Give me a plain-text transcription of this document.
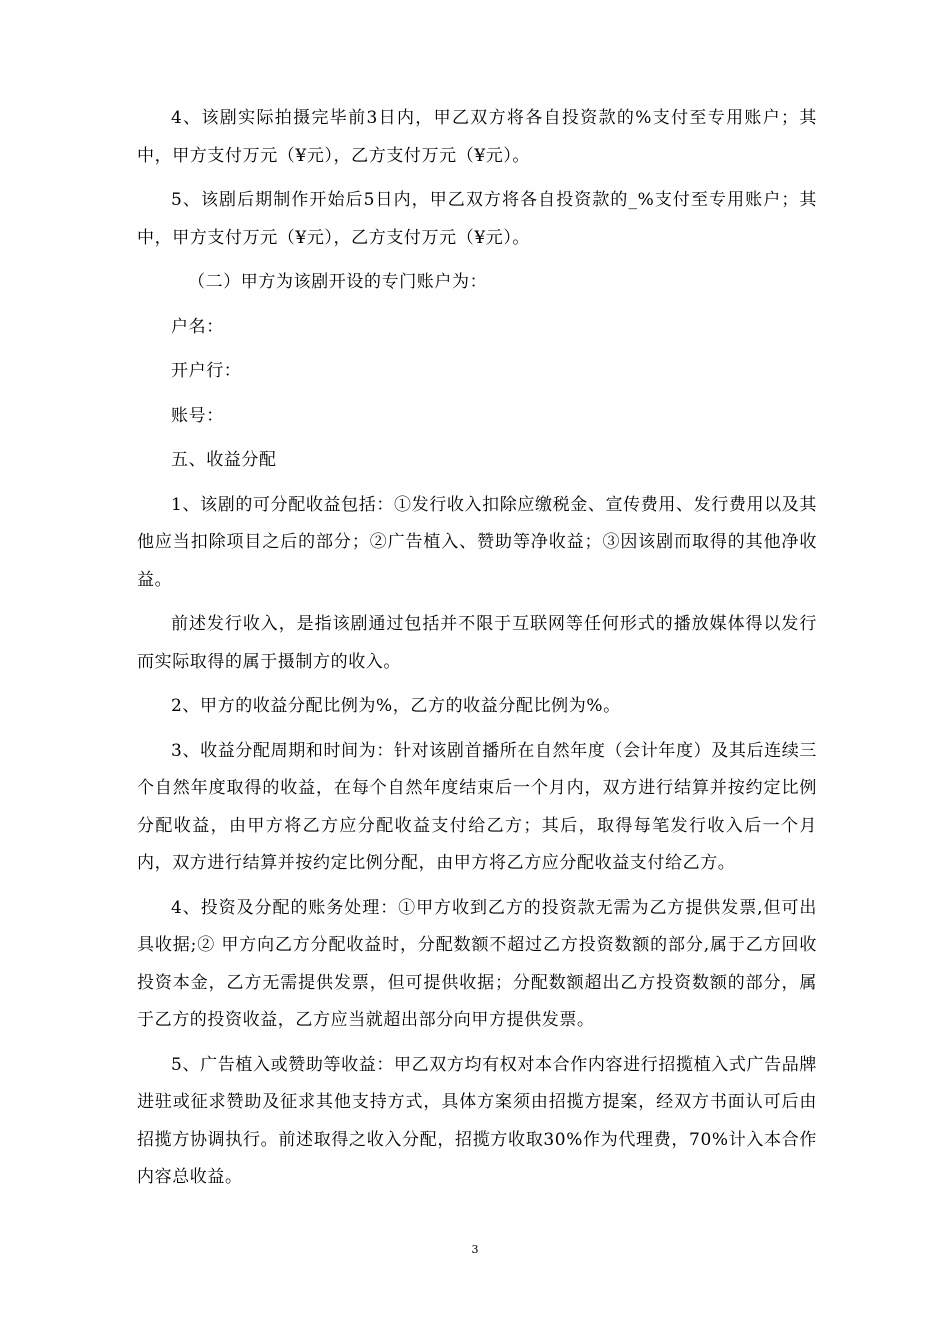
4、该剧实际拍摄完毕前3日内，甲乙双方将各自投资款的%支付至专用账户；其中，甲方支付万元（¥元），乙方支付万元（¥元）。

5、该剧后期制作开始后5日内，甲乙双方将各自投资款的_%支付至专用账户；其中，甲方支付万元（¥元），乙方支付万元（¥元）。

（二）甲方为该剧开设的专门账户为：

户名：

开户行：

账号：

五、收益分配

1、该剧的可分配收益包括：①发行收入扣除应缴税金、宣传费用、发行费用以及其他应当扣除项目之后的部分；②广告植入、赞助等净收益；③因该剧而取得的其他净收益。

前述发行收入，是指该剧通过包括并不限于互联网等任何形式的播放媒体得以发行而实际取得的属于摄制方的收入。

2、甲方的收益分配比例为%，乙方的收益分配比例为%。

3、收益分配周期和时间为：针对该剧首播所在自然年度（会计年度）及其后连续三个自然年度取得的收益，在每个自然年度结束后一个月内，双方进行结算并按约定比例分配收益，由甲方将乙方应分配收益支付给乙方；其后，取得每笔发行收入后一个月内，双方进行结算并按约定比例分配，由甲方将乙方应分配收益支付给乙方。

4、投资及分配的账务处理：①甲方收到乙方的投资款无需为乙方提供发票,但可出具收据;② 甲方向乙方分配收益时，分配数额不超过乙方投资数额的部分,属于乙方回收投资本金，乙方无需提供发票，但可提供收据；分配数额超出乙方投资数额的部分，属于乙方的投资收益，乙方应当就超出部分向甲方提供发票。

5、广告植入或赞助等收益：甲乙双方均有权对本合作内容进行招揽植入式广告品牌进驻或征求赞助及征求其他支持方式，具体方案须由招揽方提案，经双方书面认可后由招揽方协调执行。前述取得之收入分配，招揽方收取30%作为代理费，70%计入本合作内容总收益。

3
